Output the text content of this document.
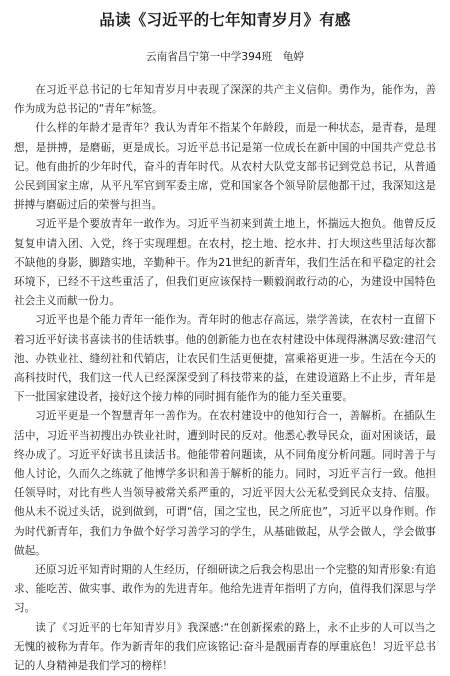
品读《习近平的七年知青岁月》有感
云南省昌宁第一中学394班　龟婷

在习近平总书记的七年知青岁月中表现了深深的共产主义信仰。勇作为，能作为，善作为成为总书记的“青年”标签。

什么样的年龄才是青年？我认为青年不指某个年龄段，而是一种状态，是青春，是理想，是拼搏，是磨砺，更是成长。习近平总书记是第一位成长在新中国的中国共产党总书记。他有曲折的少年时代，奋斗的青年时代。从农村大队党支部书记到党总书记，从普通公民到国家主席，从平凡军官到军委主席，党和国家各个领导阶层他都干过，我深知这是拼搏与磨砺过后的荣誉与担当。

习近平是个要放青年一敢作为。习近平当初来到黄土地上，怀揣远大抱负。他曾反反复复申请入团、入党，终于实现理想。在农村，挖土地、挖水井、打大坝这些里活每次都不缺他的身影，脚踏实地，辛勤种干。作为21世纪的新青年，我们生活在和平稳定的社会环境下，已经不干这些重活了，但我们更应该保持一颗毅润敢行动的心，为建设中国特色社会主义而献一份力。

习近平也是个能力青年一能作为。青年时的他志存高远，崇学善读，在农村一直留下着习近平好读书喜读书的佳话轶事。他的创新能力也在农村建设中体现得淋漓尽致:建沼气池、办铁业社、缝纫社和代销店，让农民们生活更便捷，富乘裕更进一步。生活在今天的高科技时代，我们这一代人已经深深受到了科技带来的益，在建设道路上不止步，青年是下一批国家建设者，接好这个接力棒的同时拥有能作为的能力至关重要。

习近平更是一个智慧青年一善作为。在农村建设中的他知行合一，善解析。在插队生活中，习近平当初搜出办铁业社时，遭到时民的反对。他悉心教导民众，面对困谈话，最终办成了。习近平好读书且读活书。他能带着问题读，从不同角度分析问题。同时善于与他人讨论，久而久之练就了他博学多识和善于解析的能力。同时，习近平言行一致。他担任领导时，对比有些人当领导被常关系严重的，习近平因大公无私受到民众支持、信服。他从未不说过头话，说到做到，可谓“信，国之宝也，民之所庇也”，习近平以身作则。作为时代新青年，我们力争做个好学习善学习的学生，从基础做起，从学会做人，学会做事做起。

还原习近平知青时期的人生经历，仔细研读之后我会构思出一个完整的知青形象:有追求、能吃苦、做实事、敢作为的先进青年。他给先进青年指明了方向，值得我们深思与学习。

读了《习近平的七年知青岁月》我深感:“在创新探索的路上，永不止步的人可以当之无愧的被称为青年。作为新青年的我们应该铭记:奋斗是靓丽青春的厚重底色！习近平总书记的人身精神是我们学习的榜样！
